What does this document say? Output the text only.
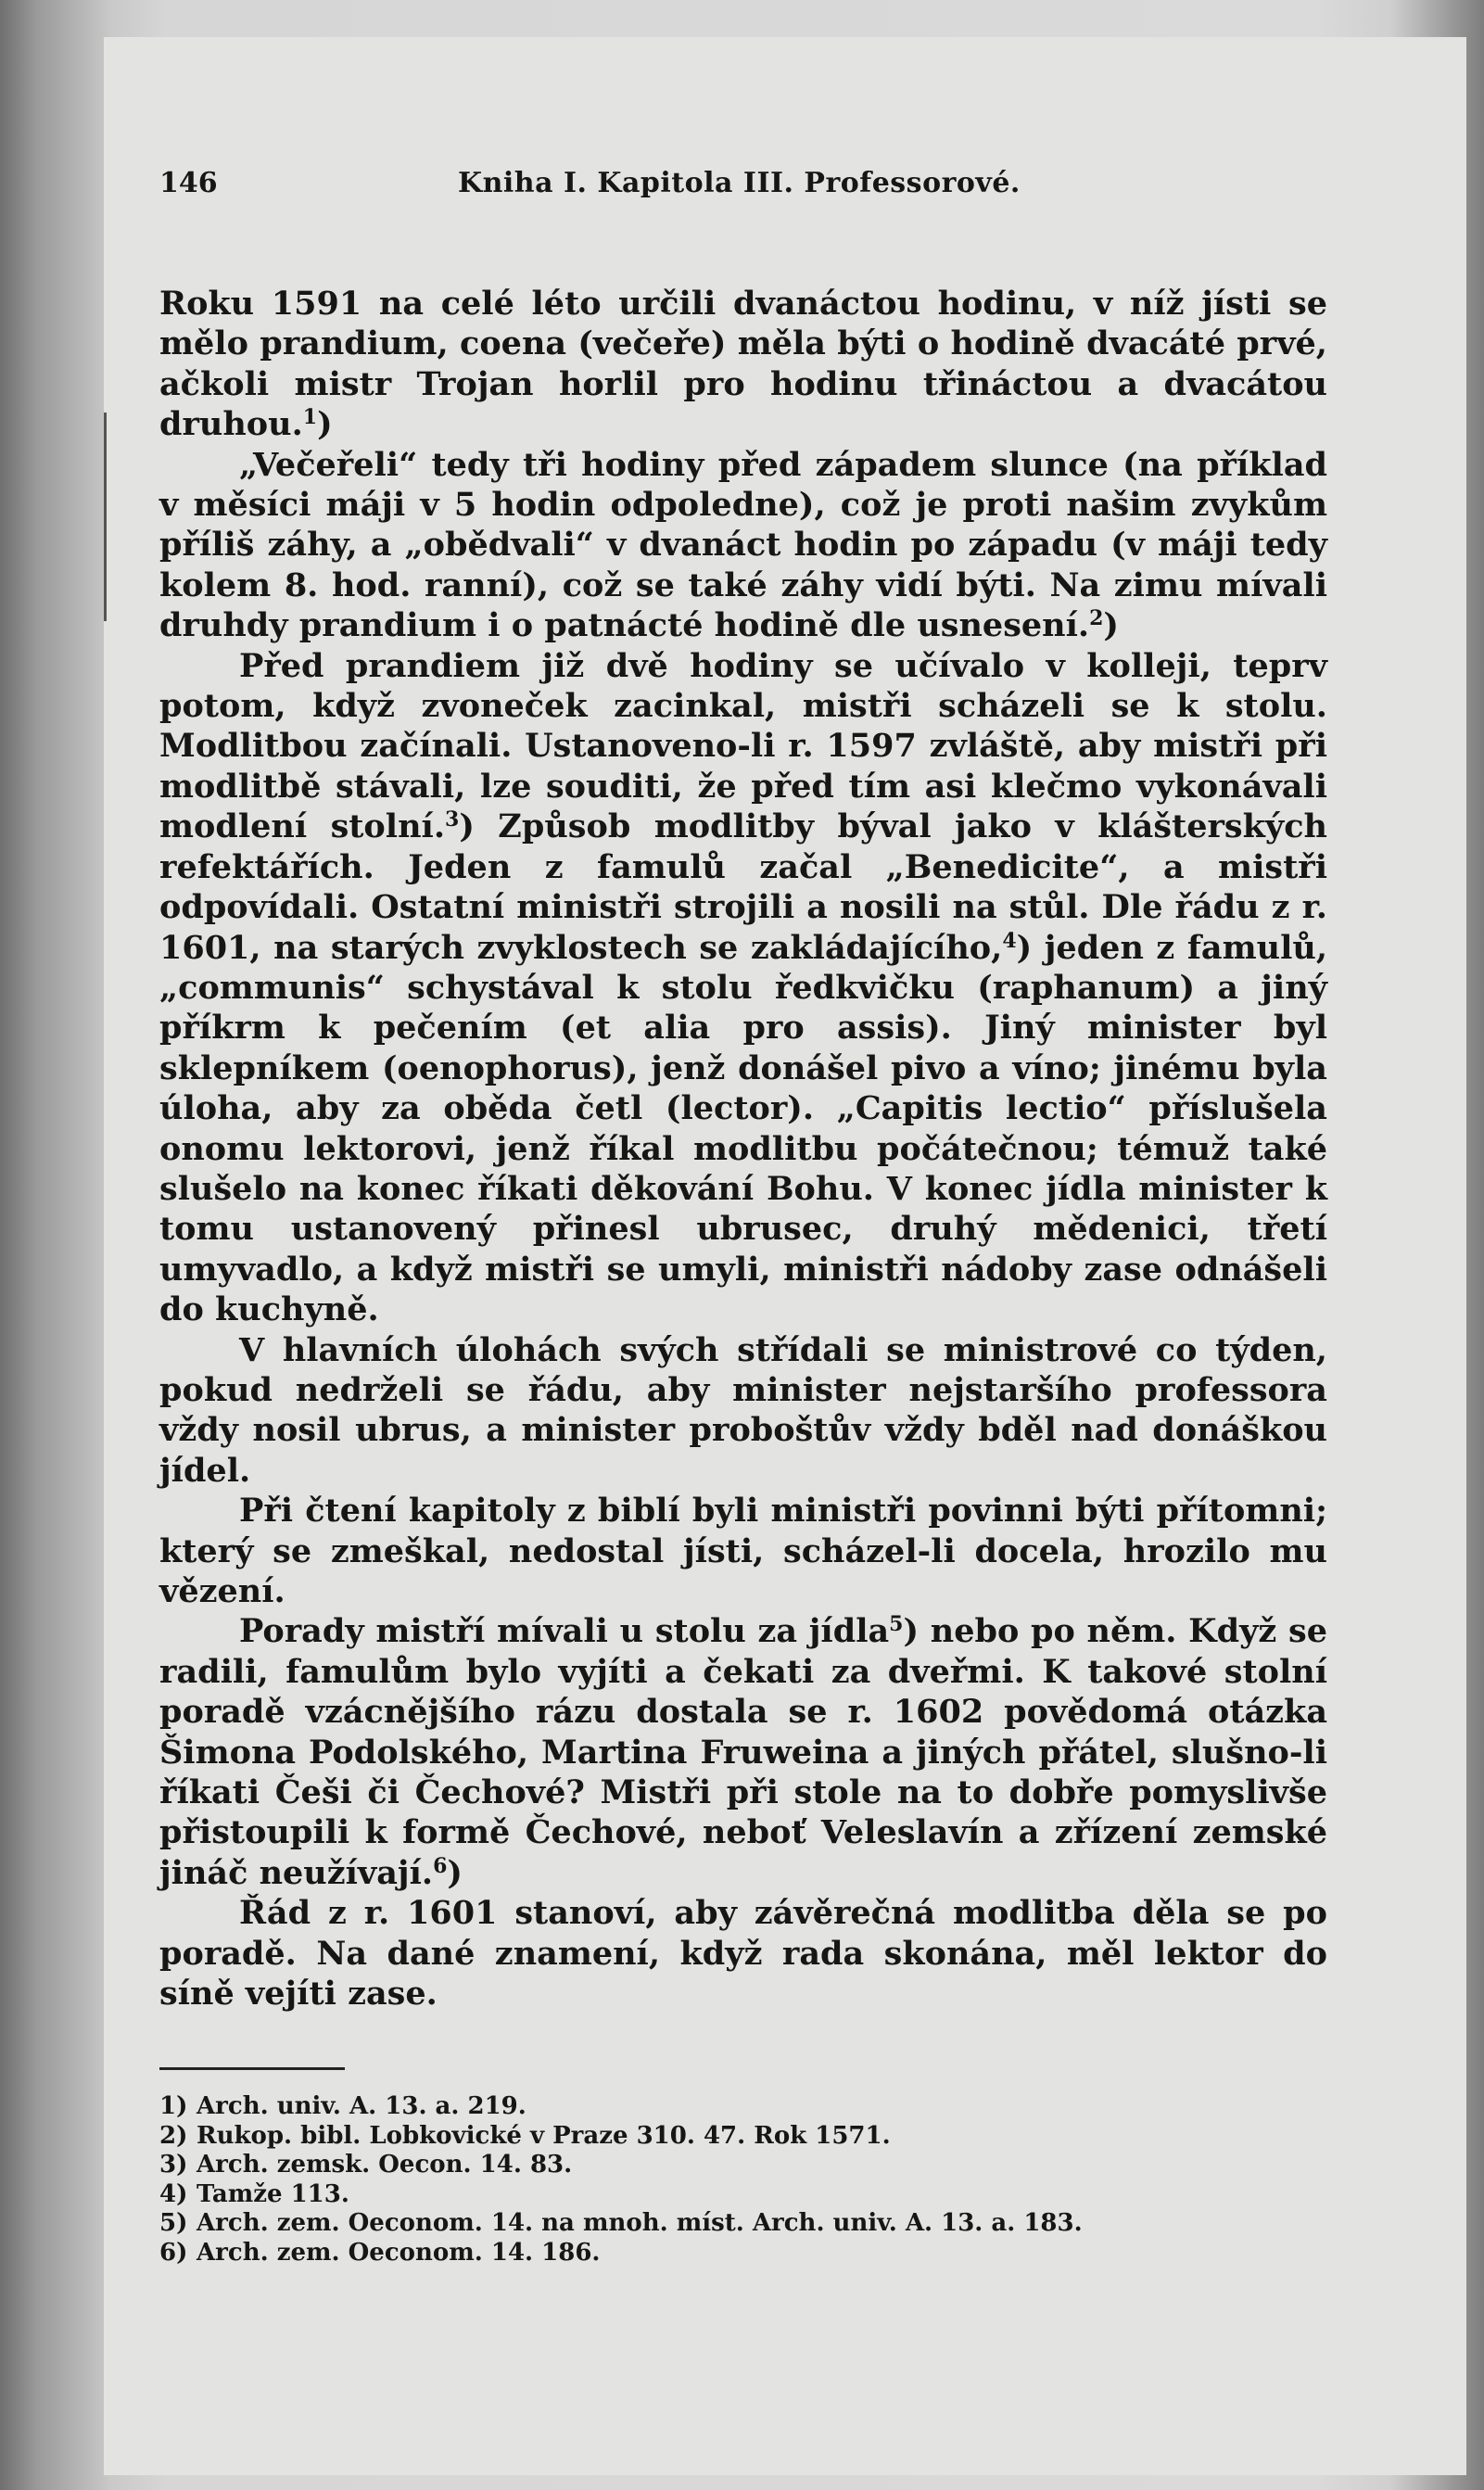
146	Kniha I. Kapitola III. Professorové.

Roku 1591 na celé léto určili dvanáctou hodinu, v níž jísti se mělo prandium, coena (večeře) měla býti o hodině dvacáté prvé, ačkoli mistr Trojan horlil pro hodinu třináctou a dvacátou druhou.$^1$)

„Večeřeli“ tedy tři hodiny před západem slunce (na příklad v měsíci máji v 5 hodin odpoledne), což je proti našim zvykům příliš záhy, a „obědvali“ v dvanáct hodin po západu (v máji tedy kolem 8. hod. ranní), což se také záhy vidí býti. Na zimu mívali druhdy prandium i o patnácté hodině dle usnesení.$^2$)

Před prandiem již dvě hodiny se učívalo v kolleji, teprv potom, když zvoneček zacinkal, mistři scházeli se k stolu. Modlitbou začínali. Ustanoveno-li r. 1597 zvláště, aby mistři při modlitbě stávali, lze souditi, že před tím asi klečmo vykonávali modlení stolní.$^3$) Způsob modlitby býval jako v klášterských refektářích. Jeden z famulů začal „Benedicite“, a mistři odpovídali. Ostatní ministři strojili a nosili na stůl. Dle řádu z r. 1601, na starých zvyklostech se zakládajícího,$^4$) jeden z famulů, „communis“ schystával k stolu ředkvičku (raphanum) a jiný příkrm k pečením (et alia pro assis). Jiný minister byl sklepníkem (oenophorus), jenž donášel pivo a víno; jinému byla úloha, aby za oběda četl (lector). „Capitis lectio“ příslušela onomu lektorovi, jenž říkal modlitbu počátečnou; témuž také slušelo na konec říkati děkování Bohu. V konec jídla minister k tomu ustanovený přinesl ubrusec, druhý mědenici, třetí umyvadlo, a když mistři se umyli, ministři nádoby zase odnášeli do kuchyně.

V hlavních úlohách svých střídali se ministrové co týden, pokud nedrželi se řádu, aby minister nejstaršího professora vždy nosil ubrus, a minister proboštův vždy bděl nad donáškou jídel.

Při čtení kapitoly z biblí byli ministři povinni býti přítomni; který se zmeškal, nedostal jísti, scházel-li docela, hrozilo mu vězení.

Porady mistří mívali u stolu za jídla$^5$) nebo po něm. Když se radili, famulům bylo vyjíti a čekati za dveřmi. K takové stolní poradě vzácnějšího rázu dostala se r. 1602 povědomá otázka Šimona Podolského, Martina Fruweina a jiných přátel, slušno-li říkati Češi či Čechové? Mistři při stole na to dobře pomyslivše přistoupili k formě Čechové, neboť Veleslavín a zřízení zemské jináč neužívají.$^6$)

Řád z r. 1601 stanoví, aby závěrečná modlitba děla se po poradě. Na dané znamení, když rada skonána, měl lektor do síně vejíti zase.

1) Arch. univ. A. 13. a. 219.
2) Rukop. bibl. Lobkovické v Praze 310. 47. Rok 1571.
3) Arch. zemsk. Oecon. 14. 83.
4) Tamže 113.
5) Arch. zem. Oeconom. 14. na mnoh. míst. Arch. univ. A. 13. a. 183.
6) Arch. zem. Oeconom. 14. 186.
